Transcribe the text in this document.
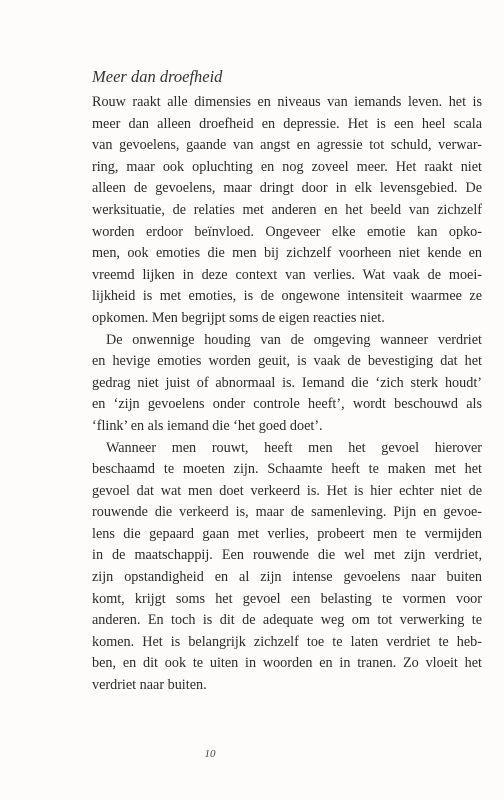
Meer dan droefheid

Rouw raakt alle dimensies en niveaus van iemands leven. het is
meer dan alleen droefheid en depressie. Het is een heel scala
van gevoelens, gaande van angst en agressie tot schuld, verwar-
ring, maar ook opluchting en nog zoveel meer. Het raakt niet
alleen de gevoelens, maar dringt door in elk levensgebied. De
werksituatie, de relaties met anderen en het beeld van zichzelf
worden erdoor beïnvloed. Ongeveer elke emotie kan opko-
men, ook emoties die men bij zichzelf voorheen niet kende en
vreemd lijken in deze context van verlies. Wat vaak de moei-
lijkheid is met emoties, is de ongewone intensiteit waarmee ze
opkomen. Men begrijpt soms de eigen reacties niet.

De onwennige houding van de omgeving wanneer verdriet
en hevige emoties worden geuit, is vaak de bevestiging dat het
gedrag niet juist of abnormaal is. Iemand die ‘zich sterk houdt’
en ‘zijn gevoelens onder controle heeft’, wordt beschouwd als
‘flink’ en als iemand die ‘het goed doet’.

Wanneer men rouwt, heeft men het gevoel hierover
beschaamd te moeten zijn. Schaamte heeft te maken met het
gevoel dat wat men doet verkeerd is. Het is hier echter niet de
rouwende die verkeerd is, maar de samenleving. Pijn en gevoe-
lens die gepaard gaan met verlies, probeert men te vermijden
in de maatschappij. Een rouwende die wel met zijn verdriet,
zijn opstandigheid en al zijn intense gevoelens naar buiten
komt, krijgt soms het gevoel een belasting te vormen voor
anderen. En toch is dit de adequate weg om tot verwerking te
komen. Het is belangrijk zichzelf toe te laten verdriet te heb-
ben, en dit ook te uiten in woorden en in tranen. Zo vloeit het
verdriet naar buiten.

10
